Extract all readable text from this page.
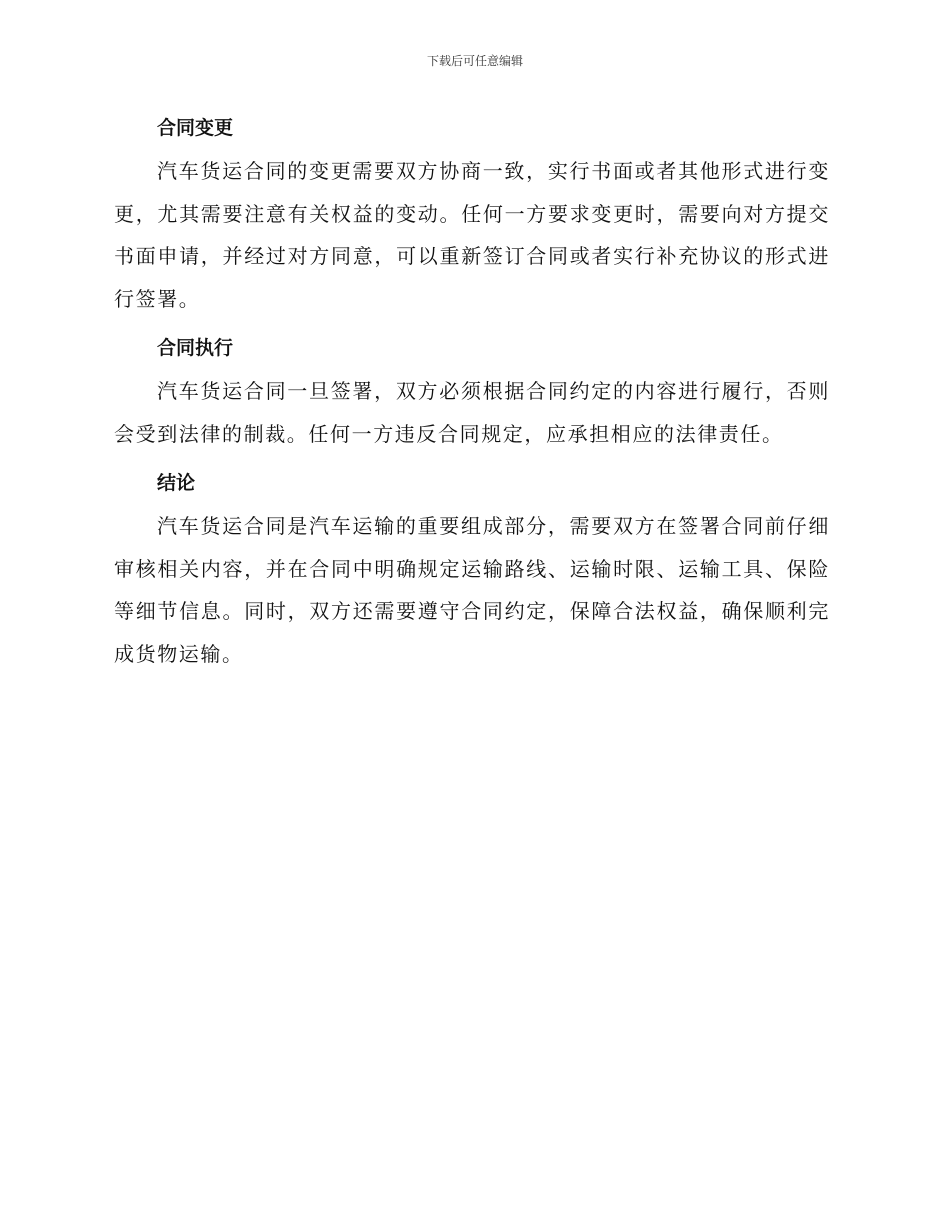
下载后可任意编辑
合同变更

汽车货运合同的变更需要双方协商一致，实行书面或者其他形式进行变更，尤其需要注意有关权益的变动。任何一方要求变更时，需要向对方提交书面申请，并经过对方同意，可以重新签订合同或者实行补充协议的形式进行签署。

合同执行

汽车货运合同一旦签署，双方必须根据合同约定的内容进行履行，否则会受到法律的制裁。任何一方违反合同规定，应承担相应的法律责任。

结论

汽车货运合同是汽车运输的重要组成部分，需要双方在签署合同前仔细审核相关内容，并在合同中明确规定运输路线、运输时限、运输工具、保险等细节信息。同时，双方还需要遵守合同约定，保障合法权益，确保顺利完成货物运输。
